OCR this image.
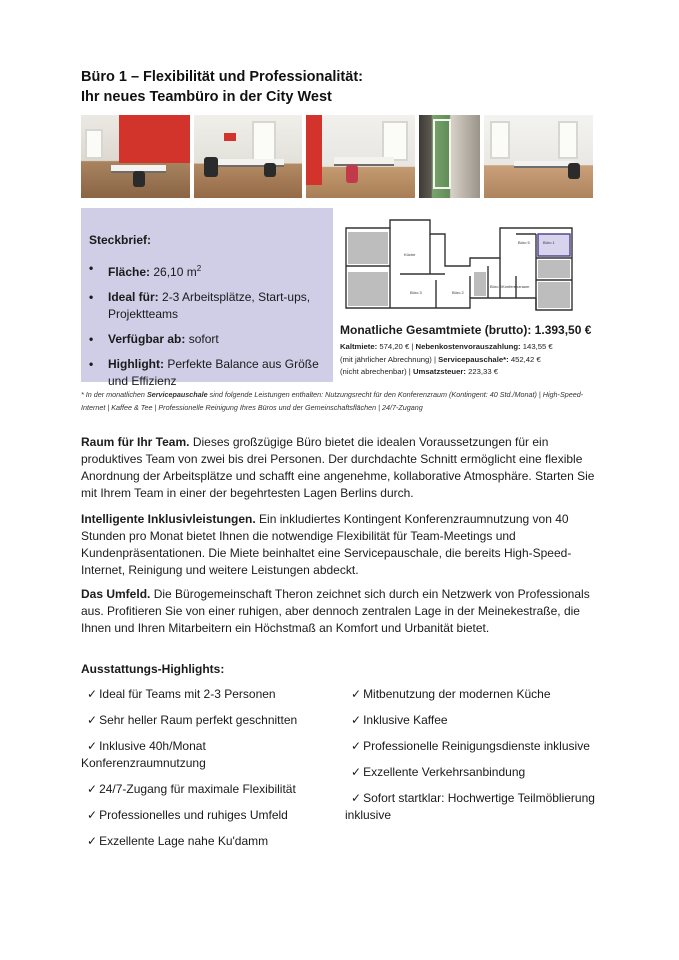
Büro 1 – Flexibilität und Professionalität:
Ihr neues Teambüro in der City West
Steckbrief:
• Fläche: 26,10 $m^2$
• Ideal für: 2-3 Arbeitsplätze, Start-ups, Projektteams
• Verfügbar ab: sofort
• Highlight: Perfekte Balance aus Größe und Effizienz
Büro 1
Büro 5
Küche
Büro 4 Konferenzraum
Büro 3	Büro 2
Monatliche Gesamtmiete (brutto): 1.393,50 €
Kaltmiete: 574,20 € | Nebenkostenvorauszahlung: 143,55 €
(mit jährlicher Abrechnung) | Servicepauschale*: 452,42 €
(nicht abrechenbar) | Umsatzsteuer: 223,33 €
* In der monatlichen Servicepauschale sind folgende Leistungen enthalten: Nutzungsrecht für den Konferenzraum (Kontingent: 40 Std./Monat) | High-Speed-Internet | Kaffee & Tee | Professionelle Reinigung Ihres Büros und der Gemeinschaftsflächen | 24/7-Zugang
Raum für Ihr Team. Dieses großzügige Büro bietet die idealen Voraussetzungen für ein produktives Team von zwei bis drei Personen. Der durchdachte Schnitt ermöglicht eine flexible Anordnung der Arbeitsplätze und schafft eine angenehme, kollaborative Atmosphäre. Starten Sie mit Ihrem Team in einer der begehrtesten Lagen Berlins durch.
Intelligente Inklusivleistungen. Ein inkludiertes Kontingent Konferenzraumnutzung von 40 Stunden pro Monat bietet Ihnen die notwendige Flexibilität für Team-Meetings und Kundenpräsentationen. Die Miete beinhaltet eine Servicepauschale, die bereits High-Speed-Internet, Reinigung und weitere Leistungen abdeckt.
Das Umfeld. Die Bürogemeinschaft Theron zeichnet sich durch ein Netzwerk von Professionals aus. Profitieren Sie von einer ruhigen, aber dennoch zentralen Lage in der Meinekestraße, die Ihnen und Ihren Mitarbeitern ein Höchstmaß an Komfort und Urbanität bietet.
Ausstattungs-Highlights:
✓ Ideal für Teams mit 2-3 Personen
✓ Sehr heller Raum perfekt geschnitten
✓ Inklusive 40h/Monat Konferenzraumnutzung
✓ 24/7-Zugang für maximale Flexibilität
✓ Professionelles und ruhiges Umfeld
✓ Exzellente Lage nahe Ku'damm
✓ Mitbenutzung der modernen Küche
✓ Inklusive Kaffee
✓ Professionelle Reinigungsdienste inklusive
✓ Exzellente Verkehrsanbindung
✓ Sofort startklar: Hochwertige Teilmöblierung inklusive
